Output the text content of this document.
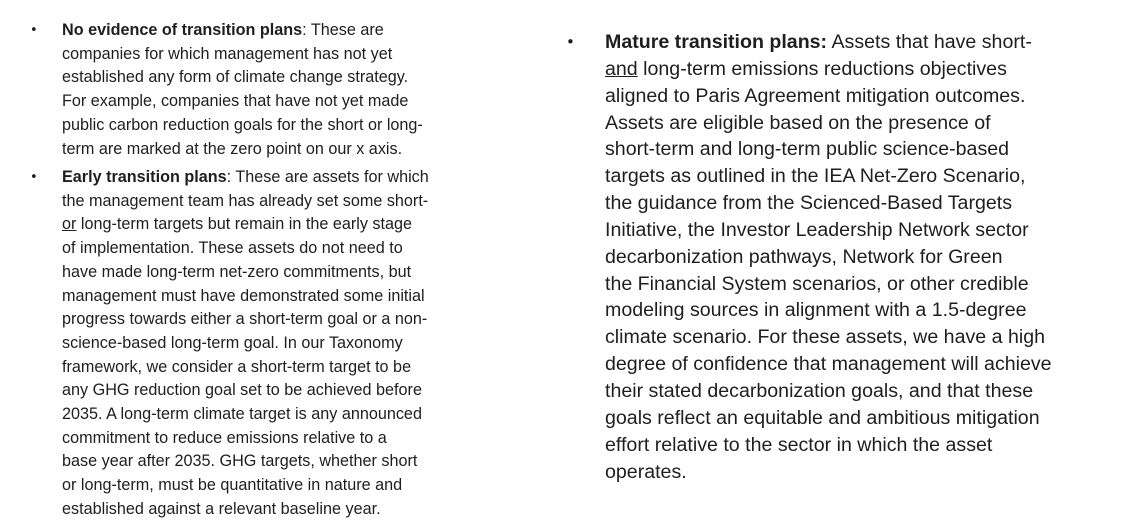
• No evidence of transition plans: These are
companies for which management has not yet
established any form of climate change strategy.
For example, companies that have not yet made
public carbon reduction goals for the short or long-
term are marked at the zero point on our x axis.

• Early transition plans: These are assets for which
the management team has already set some short-
or long-term targets but remain in the early stage
of implementation. These assets do not need to
have made long-term net-zero commitments, but
management must have demonstrated some initial
progress towards either a short-term goal or a non-
science-based long-term goal. In our Taxonomy
framework, we consider a short-term target to be
any GHG reduction goal set to be achieved before
2035. A long-term climate target is any announced
commitment to reduce emissions relative to a
base year after 2035. GHG targets, whether short
or long-term, must be quantitative in nature and
established against a relevant baseline year.

• Mature transition plans: Assets that have short-
and long-term emissions reductions objectives
aligned to Paris Agreement mitigation outcomes.
Assets are eligible based on the presence of
short-term and long-term public science-based
targets as outlined in the IEA Net-Zero Scenario,
the guidance from the Scienced-Based Targets
Initiative, the Investor Leadership Network sector
decarbonization pathways, Network for Green
the Financial System scenarios, or other credible
modeling sources in alignment with a 1.5-degree
climate scenario. For these assets, we have a high
degree of confidence that management will achieve
their stated decarbonization goals, and that these
goals reflect an equitable and ambitious mitigation
effort relative to the sector in which the asset
operates.
